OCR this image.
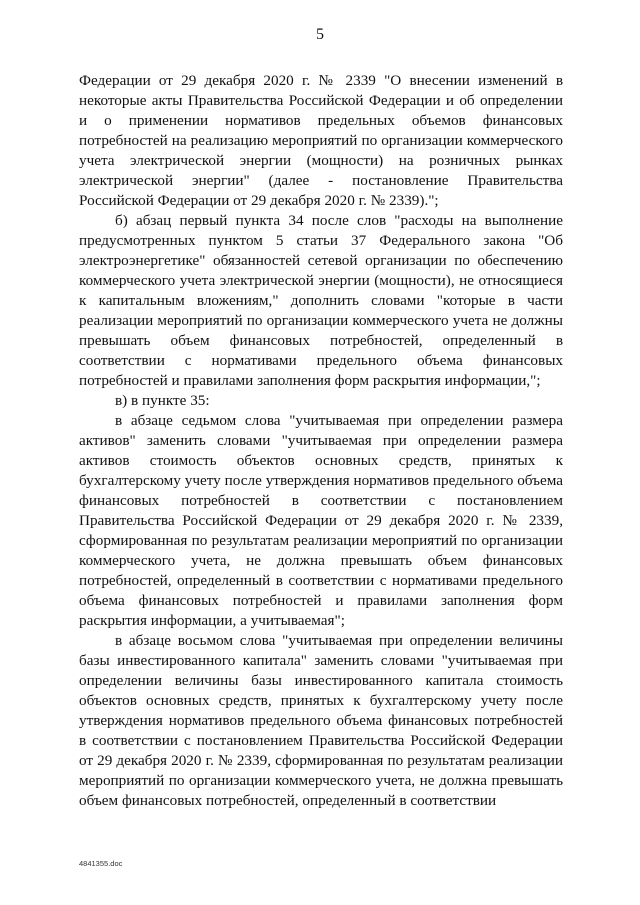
5

Федерации от 29 декабря 2020 г. № 2339 "О внесении изменений в некоторые акты Правительства Российской Федерации и об определении и о применении нормативов предельных объемов финансовых потребностей на реализацию мероприятий по организации коммерческого учета электрической энергии (мощности) на розничных рынках электрической энергии" (далее - постановление Правительства Российской Федерации от 29 декабря 2020 г. № 2339).";

б) абзац первый пункта 34 после слов "расходы на выполнение предусмотренных пунктом 5 статьи 37 Федерального закона "Об электроэнергетике" обязанностей сетевой организации по обеспечению коммерческого учета электрической энергии (мощности), не относящиеся к капитальным вложениям," дополнить словами "которые в части реализации мероприятий по организации коммерческого учета не должны превышать объем финансовых потребностей, определенный в соответствии с нормативами предельного объема финансовых потребностей и правилами заполнения форм раскрытия информации,";

в) в пункте 35:

в абзаце седьмом слова "учитываемая при определении размера активов" заменить словами "учитываемая при определении размера активов стоимость объектов основных средств, принятых к бухгалтерскому учету после утверждения нормативов предельного объема финансовых потребностей в соответствии с постановлением Правительства Российской Федерации от 29 декабря 2020 г. № 2339, сформированная по результатам реализации мероприятий по организации коммерческого учета, не должна превышать объем финансовых потребностей, определенный в соответствии с нормативами предельного объема финансовых потребностей и правилами заполнения форм раскрытия информации, а учитываемая";

в абзаце восьмом слова "учитываемая при определении величины базы инвестированного капитала" заменить словами "учитываемая при определении величины базы инвестированного капитала стоимость объектов основных средств, принятых к бухгалтерскому учету после утверждения нормативов предельного объема финансовых потребностей в соответствии с постановлением Правительства Российской Федерации от 29 декабря 2020 г. № 2339, сформированная по результатам реализации мероприятий по организации коммерческого учета, не должна превышать объем финансовых потребностей, определенный в соответствии

4841355.doc
